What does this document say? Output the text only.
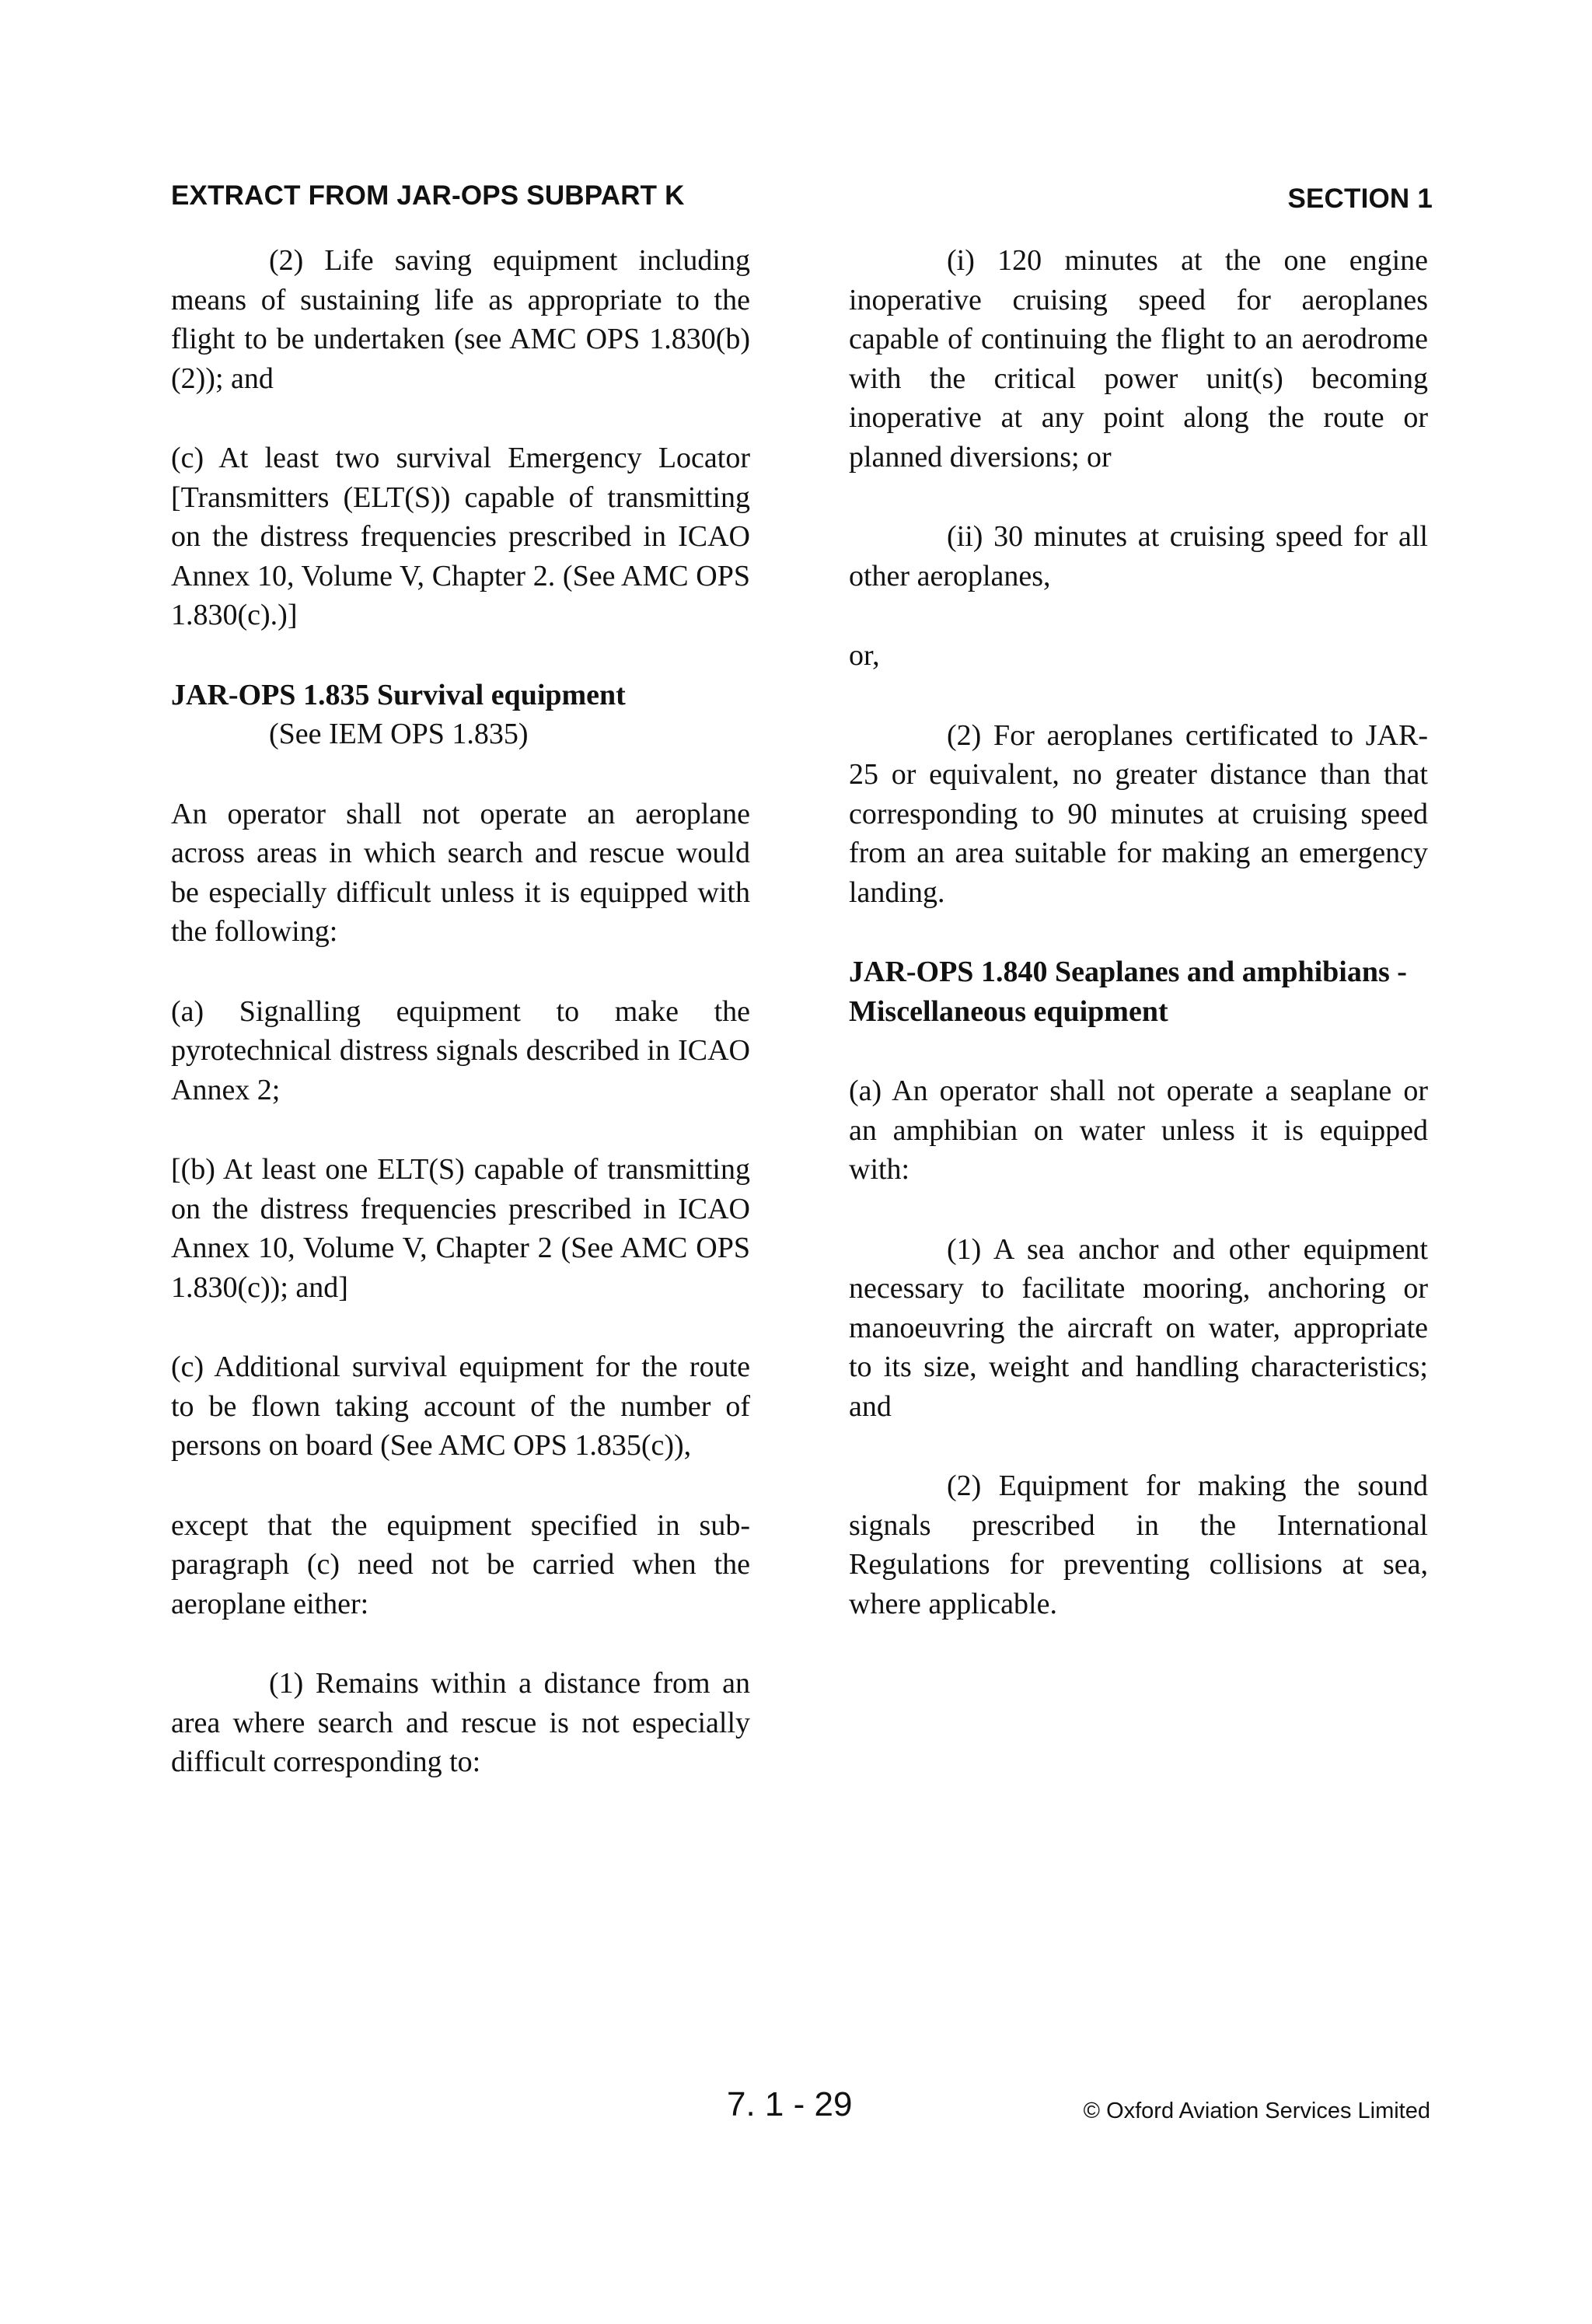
EXTRACT FROM JAR-OPS SUBPART K	SECTION 1

(2) Life saving equipment including means of sustaining life as appropriate to the flight to be undertaken (see AMC OPS 1.830(b)(2)); and

(c) At least two survival Emergency Locator [Transmitters (ELT(S)) capable of transmitting on the distress frequencies prescribed in ICAO Annex 10, Volume V, Chapter 2. (See AMC OPS 1.830(c).)]

JAR-OPS 1.835 Survival equipment

(See IEM OPS 1.835)

An operator shall not operate an aeroplane across areas in which search and rescue would be especially difficult unless it is equipped with the following:

(a) Signalling equipment to make the pyrotechnical distress signals described in ICAO Annex 2;

[(b) At least one ELT(S) capable of transmitting on the distress frequencies prescribed in ICAO Annex 10, Volume V, Chapter 2 (See AMC OPS 1.830(c)); and]

(c) Additional survival equipment for the route to be flown taking account of the number of persons on board (See AMC OPS 1.835(c)),

except that the equipment specified in sub-paragraph (c) need not be carried when the aeroplane either:

(1) Remains within a distance from an area where search and rescue is not especially difficult corresponding to:

(i) 120 minutes at the one engine inoperative cruising speed for aeroplanes capable of continuing the flight to an aerodrome with the critical power unit(s) becoming inoperative at any point along the route or planned diversions; or

(ii) 30 minutes at cruising speed for all other aeroplanes,

or,

(2) For aeroplanes certificated to JAR-25 or equivalent, no greater distance than that corresponding to 90 minutes at cruising speed from an area suitable for making an emergency landing.

JAR-OPS 1.840 Seaplanes and amphibians - Miscellaneous equipment

(a) An operator shall not operate a seaplane or an amphibian on water unless it is equipped with:

(1) A sea anchor and other equipment necessary to facilitate mooring, anchoring or manoeuvring the aircraft on water, appropriate to its size, weight and handling characteristics; and

(2) Equipment for making the sound signals prescribed in the International Regulations for preventing collisions at sea, where applicable.

7. 1 - 29	© Oxford Aviation Services Limited
